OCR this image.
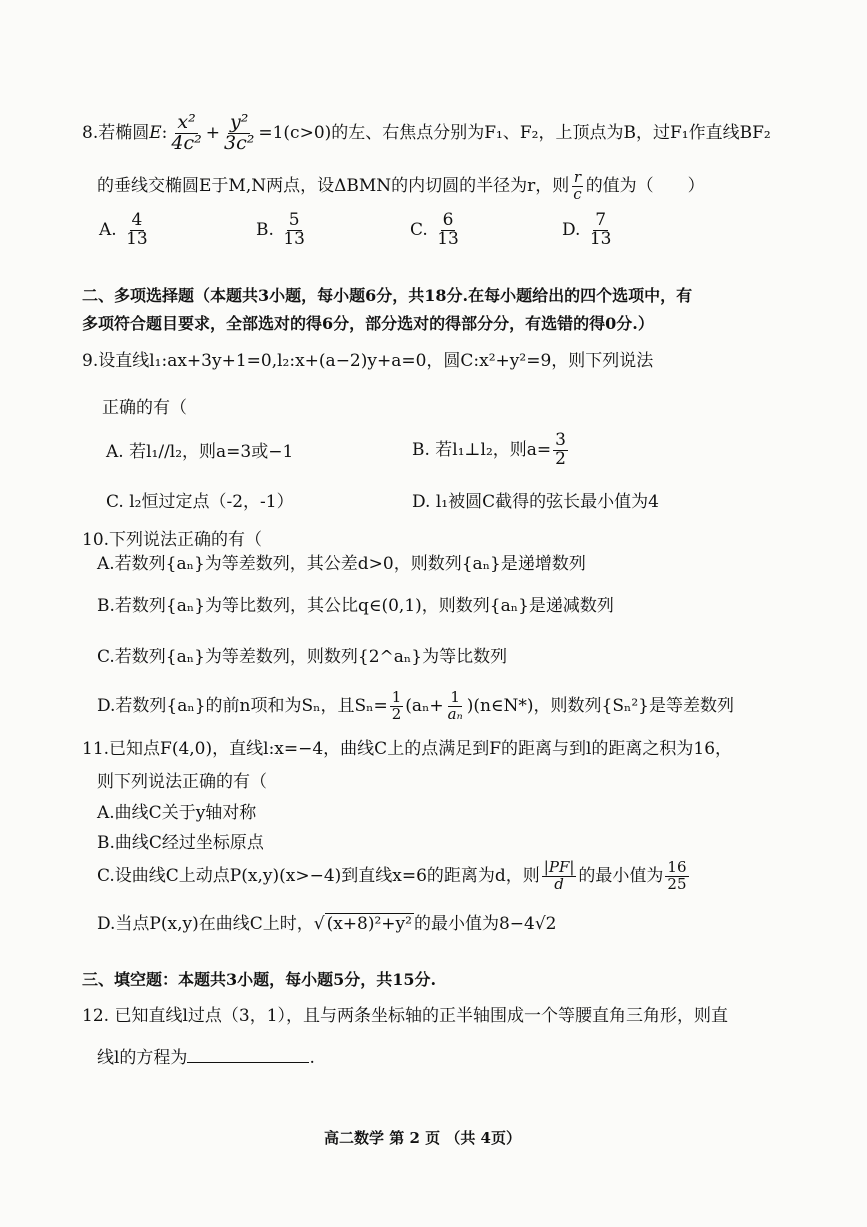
8.若椭圆E: $\frac{\text{x²}}{\text{4c²}} + \frac{\text{y²}}{\text{3c²}} =1(c>0)$的左、右焦点分别为F₁、F₂，上顶点为B，过F₁作直线BF₂
的垂线交椭圆E于M,N两点，设ΔBMN的内切圆的半径为r，则 $\frac{r}{c}$ 的值为（　　）
A. $\frac{4}{13}$	B. $\frac{5}{13}$	C. $\frac{6}{13}$	D. $\frac{7}{13}$
二、多项选择题（本题共3小题，每小题6分，共18分.在每小题给出的四个选项中，有
多项符合题目要求，全部选对的得6分，部分选对的得部分分，有选错的得0分.）
9.设直线l₁:ax+3y+1=0,l₂:x+(a−2)y+a=0，圆C:x²+y²=9，则下列说法
正确的有（
A. 若l₁//l₂，则a=3或−1	B. 若l₁⊥l₂，则$a= \frac{3}{2}$
C. l₂恒过定点（-2，-1）	D. l₁被圆C截得的弦长最小值为4
10.下列说法正确的有（
A.若数列{aₙ}为等差数列，其公差d>0，则数列{aₙ}是递增数列
B.若数列{aₙ}为等比数列，其公比q∈(0,1)，则数列{aₙ}是递减数列
C.若数列{aₙ}为等差数列，则数列{2^aₙ}为等比数列
D.若数列{aₙ}的前n项和为Sₙ，且$S_n= \frac{1}{2} (a_n+ \frac{1}{\text{aₙ}}$ )(n∈N*)，则数列{Sₙ²}是等差数列
11.已知点F(4,0)，直线l:x=−4，曲线C上的点满足到F的距离与到l的距离之积为16，
则下列说法正确的有（
A.曲线C关于y轴对称
B.曲线C经过坐标原点
C.设曲线C上动点P(x,y)(x>−4)到直线x=6的距离为d，则 $\frac{|PF|}{d}$ 的最小值为 $\frac{16}{25}$
D.当点P(x,y)在曲线C上时，√ (x+8)²+y² 的最小值为8−4√2
三、填空题：本题共3小题，每小题5分，共15分.
12. 已知直线l过点（3，1），且与两条坐标轴的正半轴围成一个等腰直角三角形，则直
线l的方程为	.
高二数学 第 2 页 （共 4页）
